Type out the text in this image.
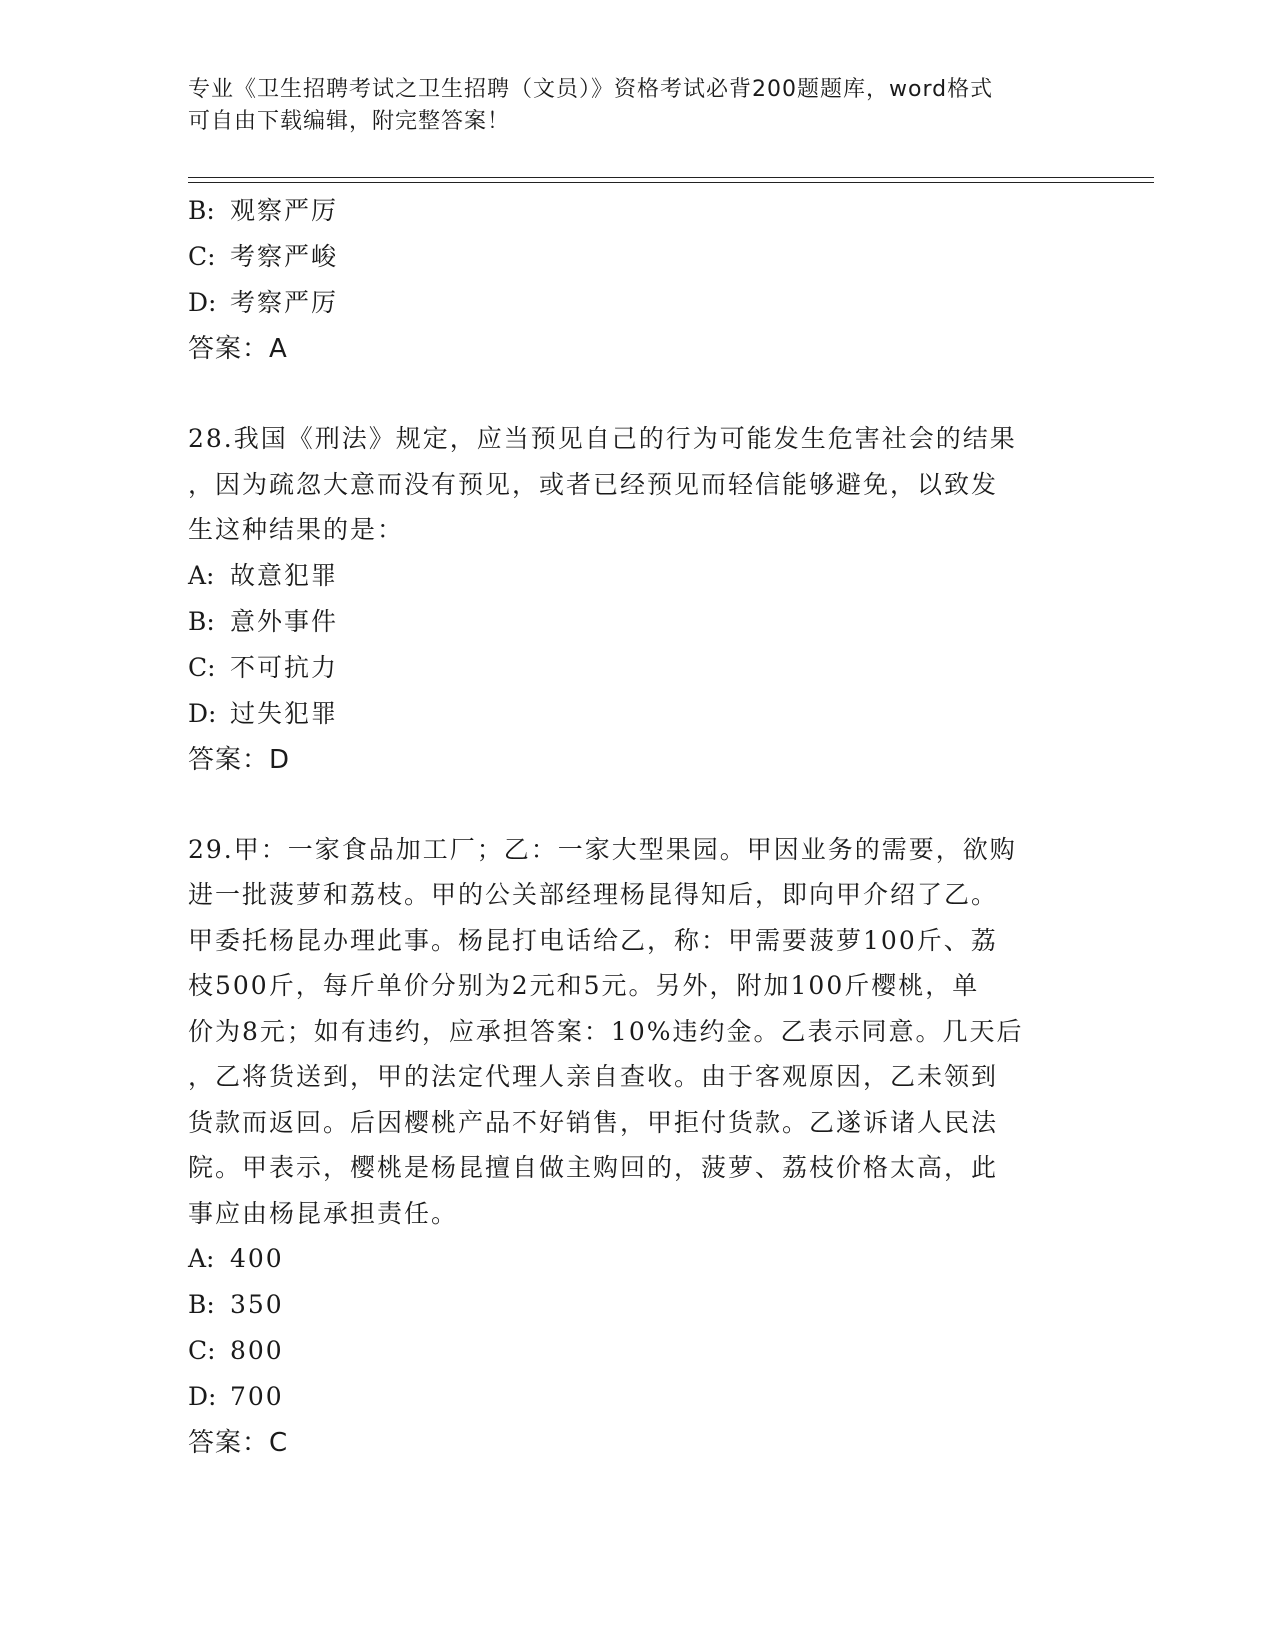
专业《卫生招聘考试之卫生招聘（文员）》资格考试必背200题题库，word格式
可自由下载编辑，附完整答案！
B: 观察严厉
C: 考察严峻
D: 考察严厉
答案：A
28.我国《刑法》规定，应当预见自己的行为可能发生危害社会的结果
，因为疏忽大意而没有预见，或者已经预见而轻信能够避免，以致发
生这种结果的是：
A: 故意犯罪
B: 意外事件
C: 不可抗力
D: 过失犯罪
答案：D
29.甲：一家食品加工厂；乙：一家大型果园。甲因业务的需要，欲购
进一批菠萝和荔枝。甲的公关部经理杨昆得知后，即向甲介绍了乙。
甲委托杨昆办理此事。杨昆打电话给乙，称：甲需要菠萝100斤、荔
枝500斤，每斤单价分别为2元和5元。另外，附加100斤樱桃，单
价为8元；如有违约，应承担答案：10%违约金。乙表示同意。几天后
，乙将货送到，甲的法定代理人亲自查收。由于客观原因，乙未领到
货款而返回。后因樱桃产品不好销售，甲拒付货款。乙遂诉诸人民法
院。甲表示，樱桃是杨昆擅自做主购回的，菠萝、荔枝价格太高，此
事应由杨昆承担责任。
A: 400
B: 350
C: 800
D: 700
答案：C
